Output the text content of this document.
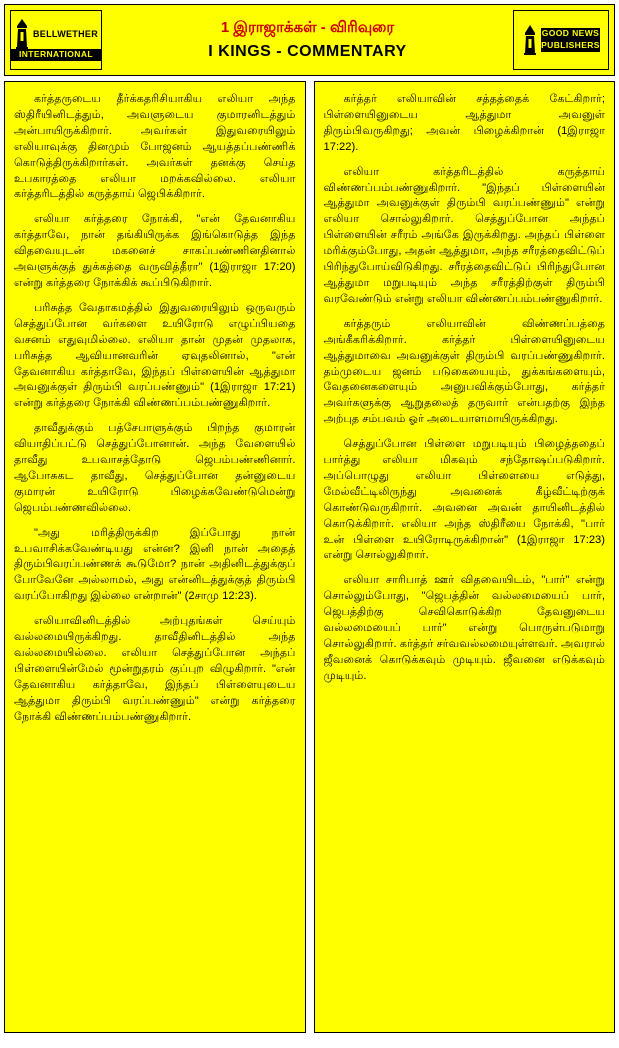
BELLWETHER
INTERNATIONAL
1 இராஜாக்கள் - விரிவுரை
I KINGS - COMMENTARY
GOOD NEWS
PUBLISHERS

கர்த்தருடைய தீர்க்கதரிசியாகிய எலியா அந்த ஸ்திரீயினிடத்தும், அவளுடைய குமாரனிடத்தும் அன்பாயிருக்கிறார். அவர்கள் இதுவரையிலும் எலியாவுக்கு தினமும் போஜனம் ஆயத்தப்பண்ணிக் கொடுத்திருக்கிறார்கள். அவர்கள் தனக்கு செய்த உபகாரத்தை எலியா மறக்கவில்லை. எலியா கர்த்தரிடத்தில் கருத்தாய் ஜெபிக்கிறார்.

எலியா கர்த்தரை நோக்கி, "என் தேவனாகிய கர்த்தாவே, நான் தங்கியிருக்க இங்கொடுத்த இந்த விதவையுடன் மகனைச் சாகப்பண்ணினதினால் அவளுக்குத் துக்கத்தை வருவித்தீரா" (1இராஜா 17:20) என்று கர்த்தரை நோக்கிக் கூப்பிடுகிறார்.

பரிசுத்த வேதாகமத்தில் இதுவரையிலும் ஒருவரும் செத்துப்போன வர்களை உயிரோடு எழுப்பியதை வசனம் எதுவுமில்லை. எலியா தான் முதன் முதலாக, பரிசுத்த ஆவியானவரின் ஏவுதலினால், "என் தேவனாகிய கர்த்தாவே, இந்தப் பிள்ளையின் ஆத்துமா அவனுக்குள் திரும்பி வரப்பண்ணும்" (1இராஜா 17:21) என்று கர்த்தரை நோக்கி விண்ணப்பம்பண்ணுகிறார்.

தாவீதுக்கும் பத்சேபாளுக்கும் பிறந்த குமாரன் வியாதிப்பட்டு செத்துப்போனான். அந்த வேளையில் தாவீது உபவாசத்தோடு ஜெபம்பண்ணினார். ஆபோசுகட தாவீது, செத்துப்போன தன்னுடைய குமாரன் உயிரோடு பிழைக்கவேண்டுமென்று ஜெபம்பண்ணவில்லை.

"அது மரித்திருக்கிற இப்போது நான் உபவாசிக்கவேண்டியது என்ன? இனி நான் அதைத் திரும்பிவரப்பண்ணக் கூடுமோ? நான் அதினிடத்துக்குப் போவேனே அல்லாமல், அது என்னிடத்துக்குத் திரும்பி வரப்போகிறது இல்லை என்றான்" (2சாமு 12:23).

எலியாவினிடத்தில் அற்புதங்கள் செய்யும் வல்லமையிருக்கிறது. தாவீதினிடத்தில் அந்த வல்லமையில்லை. எலியா செத்துப்போன அந்தப் பிள்ளையின்மேல் மூன்றுதரம் குப்புற விழுகிறார். "என் தேவனாகிய கர்த்தாவே, இந்தப் பிள்ளையுடைய ஆத்துமா திரும்பி வரப்பண்ணும்" என்று கர்த்தரை நோக்கி விண்ணப்பம்பண்ணுகிறார்.

கர்த்தர் எலியாவின் சத்தத்தைக் கேட்கிறார்; பிள்ளையினுடைய ஆத்துமா அவனுள் திரும்பிவருகிறது; அவன் பிழைக்கிறான் (1இராஜா 17:22).

எலியா கர்த்தரிடத்தில் கருத்தாய் விண்ணப்பம்பண்ணுகிறார். "இந்தப் பிள்ளையின் ஆத்துமா அவனுக்குள் திரும்பி வரப்பண்ணும்" என்று எலியா சொல்லுகிறார். செத்துப்போன அந்தப் பிள்ளையின் சரீரம் அங்கே இருக்கிறது. அந்தப் பிள்ளை மரிக்கும்போது, அதன் ஆத்துமா, அந்த சரீரத்தைவிட்டுப் பிரிந்துபோய்விடுகிறது. சரீரத்தைவிட்டுப் பிரிந்துபோன ஆத்துமா மறுபடியும் அந்த சரீரத்திற்குள் திரும்பி வரவேண்டும் என்று எலியா விண்ணப்பம்பண்ணுகிறார்.

கர்த்தரும் எலியாவின் விண்ணப்பத்தை அங்கீகரிக்கிறார். கர்த்தர் பிள்ளையினுடைய ஆத்துமாவை அவனுக்குள் திரும்பி வரப்பண்ணுகிறார். தம்முடைய ஜனம் படுகையையும், துக்கங்களையும், வேதனைகளையும் அனுபவிக்கும்போது, கர்த்தர் அவர்களுக்கு ஆறுதலைத் தருவார் என்பதற்கு இந்த அற்புத சம்பவம் ஓர் அடையாளமாயிருக்கிறது.

செத்துப்போன பிள்ளை மறுபடியும் பிழைத்ததைப் பார்த்து எலியா மிகவும் சந்தோஷப்படுகிறார். அப்பொழுது எலியா பிள்ளையை எடுத்து, மேல்வீட்டிலிருந்து அவனைக் கீழ்வீட்டிற்குக் கொண்டுவருகிறார். அவனை அவன் தாயினிடத்தில் கொடுக்கிறார். எலியா அந்த ஸ்திரீயை நோக்கி, "பார் உன் பிள்ளை உயிரோடிருக்கிறான்" (1இராஜா 17:23) என்று சொல்லுகிறார்.

எலியா சாரிபாத் ஊர் விதவையிடம், "பார்" என்று சொல்லும்போது, "ஜெபத்தின் வல்லமையைப் பார், ஜெபத்திற்கு செவிகொடுக்கிற தேவனுடைய வல்லமையைப் பார்" என்று பொருள்படுமாறு சொல்லுகிறார். கர்த்தர் சர்வவல்லமையுள்ளவர். அவரால் ஜீவனைக் கொடுக்கவும் முடியும். ஜீவனை எடுக்கவும் முடியும்.
